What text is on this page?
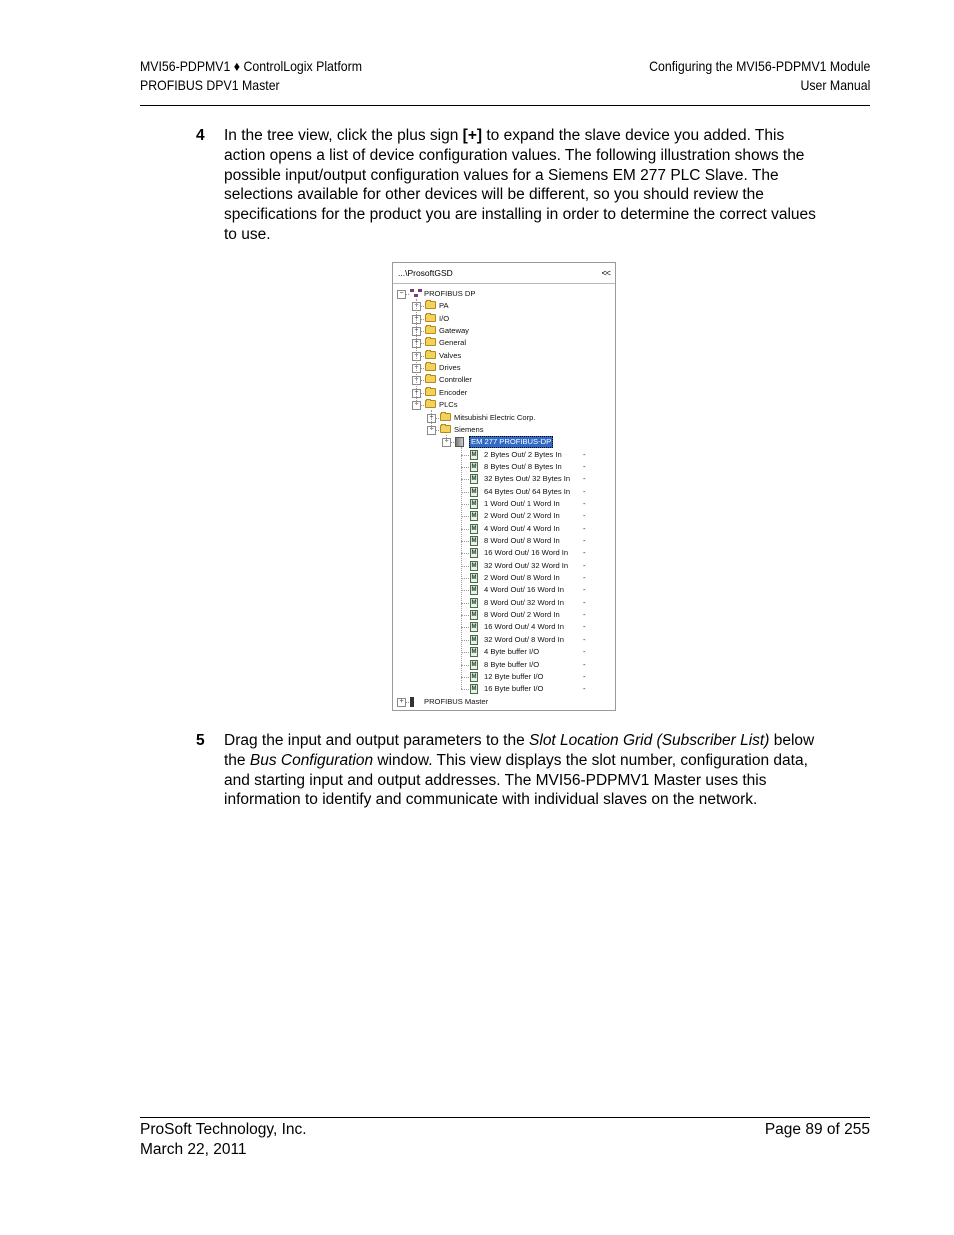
MVI56-PDPMV1 ♦ ControlLogix Platform
PROFIBUS DPV1 Master
Configuring the MVI56-PDPMV1 Module
User Manual
4 In the tree view, click the plus sign [+] to expand the slave device you added. This action opens a list of device configuration values. The following illustration shows the possible input/output configuration values for a Siemens EM 277 PLC Slave. The selections available for other devices will be different, so you should review the specifications for the product you are installing in order to determine the correct values to use.
...\ProsoftGSD	<<
−	PROFIBUS DP
+	PA
+	I/O
+	Gateway
+	General
+	Valves
+	Drives
+	Controller
+	Encoder
−	PLCs
+	Mitsubishi Electric Corp.
−	Siemens
−	EM 277 PROFIBUS-DP
M 2 Bytes Out/ 2 Bytes In	-
M 8 Bytes Out/ 8 Bytes In	-
M 32 Bytes Out/ 32 Bytes In -
M 64 Bytes Out/ 64 Bytes In -
M 1 Word Out/ 1 Word In	-
M 2 Word Out/ 2 Word In	-
M 4 Word Out/ 4 Word In	-
M 8 Word Out/ 8 Word In	-
M 16 Word Out/ 16 Word In -
M 32 Word Out/ 32 Word In -
M 2 Word Out/ 8 Word In	-
M 4 Word Out/ 16 Word In	-
M 8 Word Out/ 32 Word In	-
M 8 Word Out/ 2 Word In	-
M 16 Word Out/ 4 Word In	-
M 32 Word Out/ 8 Word In	-
M 4 Byte buffer I/O	-
M 8 Byte buffer I/O	-
M 12 Byte buffer I/O	-
M 16 Byte buffer I/O	-
+	PROFIBUS Master
5 Drag the input and output parameters to the Slot Location Grid (Subscriber List) below the Bus Configuration window. This view displays the slot number, configuration data, and starting input and output addresses. The MVI56-PDPMV1 Master uses this information to identify and communicate with individual slaves on the network.
ProSoft Technology, Inc.
March 22, 2011
Page 89 of 255
